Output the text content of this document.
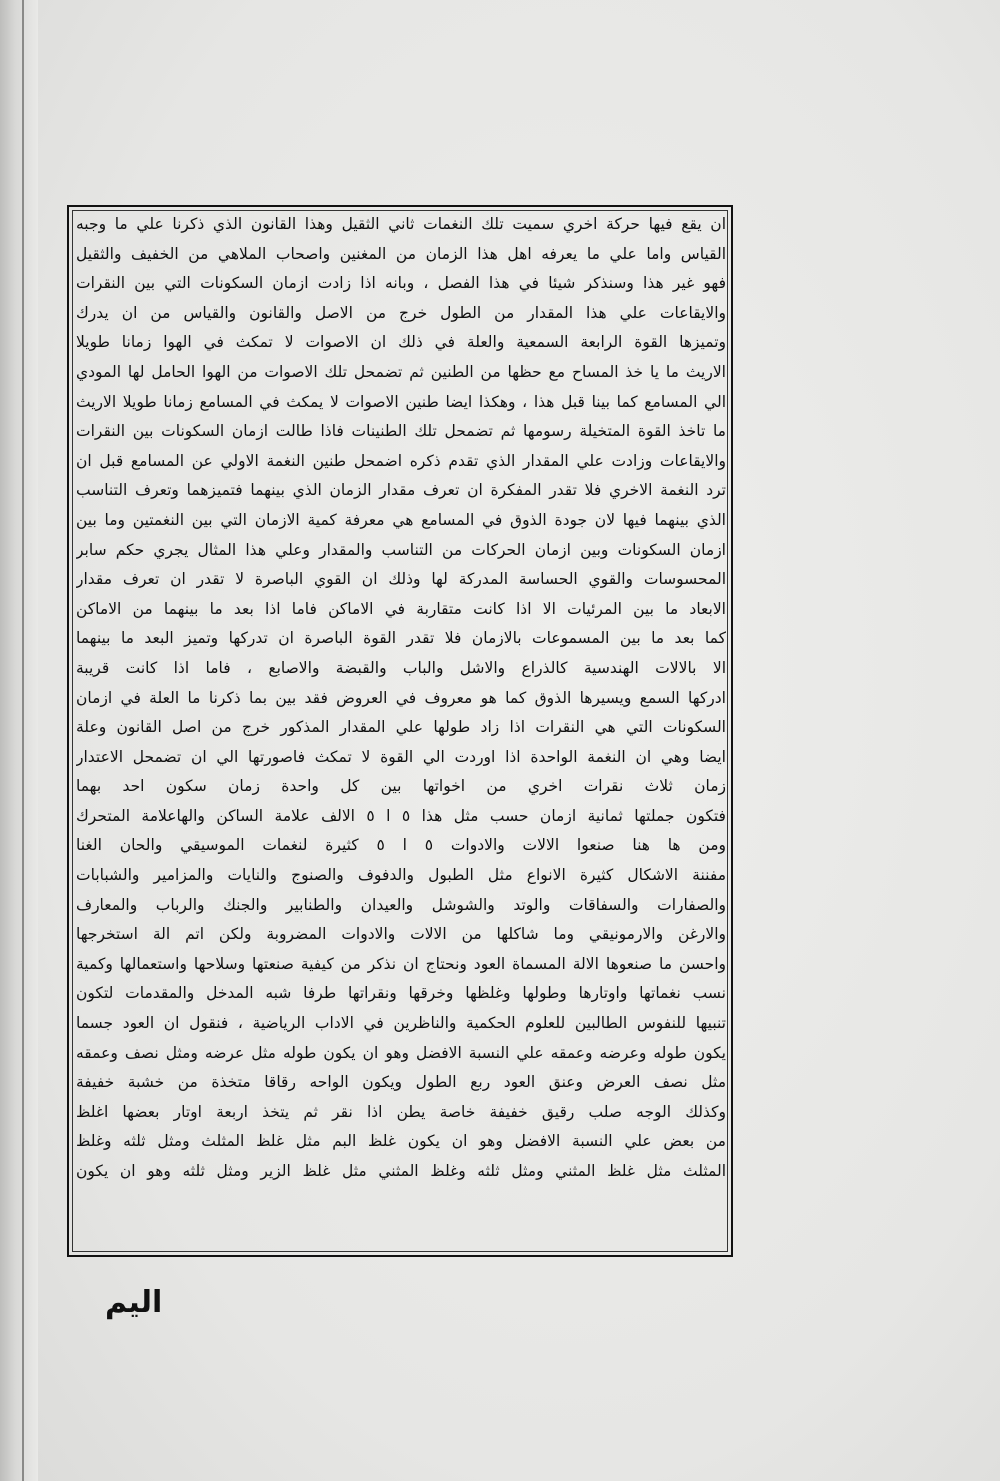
ان يقع فيها حركة اخري سميت تلك النغمات ثاني الثقيل وهذا القانون الذي ذكرنا علي ما وجبه
القياس واما علي ما يعرفه اهل هذا الزمان من المغنين واصحاب الملاهي من الخفيف والثقيل
فهو غير هذا وسنذكر شيئا في هذا الفصل ، وبانه اذا زادت ازمان السكونات التي بين النقرات
والايقاعات علي هذا المقدار من الطول خرج من الاصل والقانون والقياس من ان يدرك
وتميزها القوة الرابعة السمعية والعلة في ذلك ان الاصوات لا تمكث في الهوا زمانا طويلا
الاريث ما يا خذ المساح مع حظها من الطنين ثم تضمحل تلك الاصوات من الهوا الحامل لها المودي
الي المسامع كما بينا قبل هذا ، وهكذا ايضا طنين الاصوات لا يمكث في المسامع زمانا طويلا الاريث
ما تاخذ القوة المتخيلة رسومها ثم تضمحل تلك الطنينات فاذا طالت ازمان السكونات بين النقرات
والايقاعات وزادت علي المقدار الذي تقدم ذكره اضمحل طنين النغمة الاولي عن المسامع قبل ان
ترد النغمة الاخري فلا تقدر المفكرة ان تعرف مقدار الزمان الذي بينهما فتميزهما وتعرف التناسب
الذي بينهما فيها لان جودة الذوق في المسامع هي معرفة كمية الازمان التي بين النغمتين وما بين
ازمان السكونات وبين ازمان الحركات من التناسب والمقدار وعلي هذا المثال يجري حكم سابر
المحسوسات والقوي الحساسة المدركة لها وذلك ان القوي الباصرة لا تقدر ان تعرف مقدار
الابعاد ما بين المرئيات الا اذا كانت متقاربة في الاماكن فاما اذا بعد ما بينهما من الاماكن
كما بعد ما بين المسموعات بالازمان فلا تقدر القوة الباصرة ان تدركها وتميز البعد ما بينهما
الا بالالات الهندسية كالذراع والاشل والباب والقبضة والاصابع ، فاما اذا كانت قريبة
ادركها السمع ويسيرها الذوق كما هو معروف في العروض فقد بين بما ذكرنا ما العلة في ازمان
السكونات التي هي النقرات اذا زاد طولها علي المقدار المذكور خرج من اصل القانون وعلة
ايضا وهي ان النغمة الواحدة اذا اوردت الي القوة لا تمكث فاصورتها الي ان تضمحل الاعتدار
زمان ثلاث نقرات اخري من اخواتها بين كل واحدة زمان سكون احد بهما
فتكون جملتها ثمانية ازمان حسب مثل هذا ٥ ا ٥ الالف علامة الساكن والهاعلامة المتحرك
ومن ها هنا صنعوا الالات والادوات ٥ ا ٥ كثيرة لنغمات الموسيقي والحان الغنا
مفننة الاشكال كثيرة الانواع مثل الطبول والدفوف والصنوج والنايات والمزامير والشبابات
والصفارات والسفاقات والوتد والشوشل والعيدان والطنابير والجنك والرباب والمعارف
والارغن والارمونيقي وما شاكلها من الالات والادوات المضروبة ولكن اتم الة استخرجها
واحسن ما صنعوها الالة المسماة العود ونحتاج ان نذكر من كيفية صنعتها وسلاحها واستعمالها وكمية
نسب نغماتها واوتارها وطولها وغلظها وخرقها ونقراتها طرفا شبه المدخل والمقدمات لتكون
تنبيها للنفوس الطالبين للعلوم الحكمية والناظرين في الاداب الرياضية ، فنقول ان العود جسما
يكون طوله وعرضه وعمقه علي النسبة الافضل وهو ان يكون طوله مثل عرضه ومثل نصف وعمقه
مثل نصف العرض وعنق العود ربع الطول ويكون الواحه رقاقا متخذة من خشبة خفيفة
وكذلك الوجه صلب رقيق خفيفة خاصة يطن اذا نقر ثم يتخذ اربعة اوتار بعضها اغلظ
من بعض علي النسبة الافضل وهو ان يكون غلظ البم مثل غلظ المثلث ومثل ثلثه وغلظ
المثلث مثل غلظ المثني ومثل ثلثه وغلظ المثني مثل غلظ الزير ومثل ثلثه وهو ان يكون
اليم
